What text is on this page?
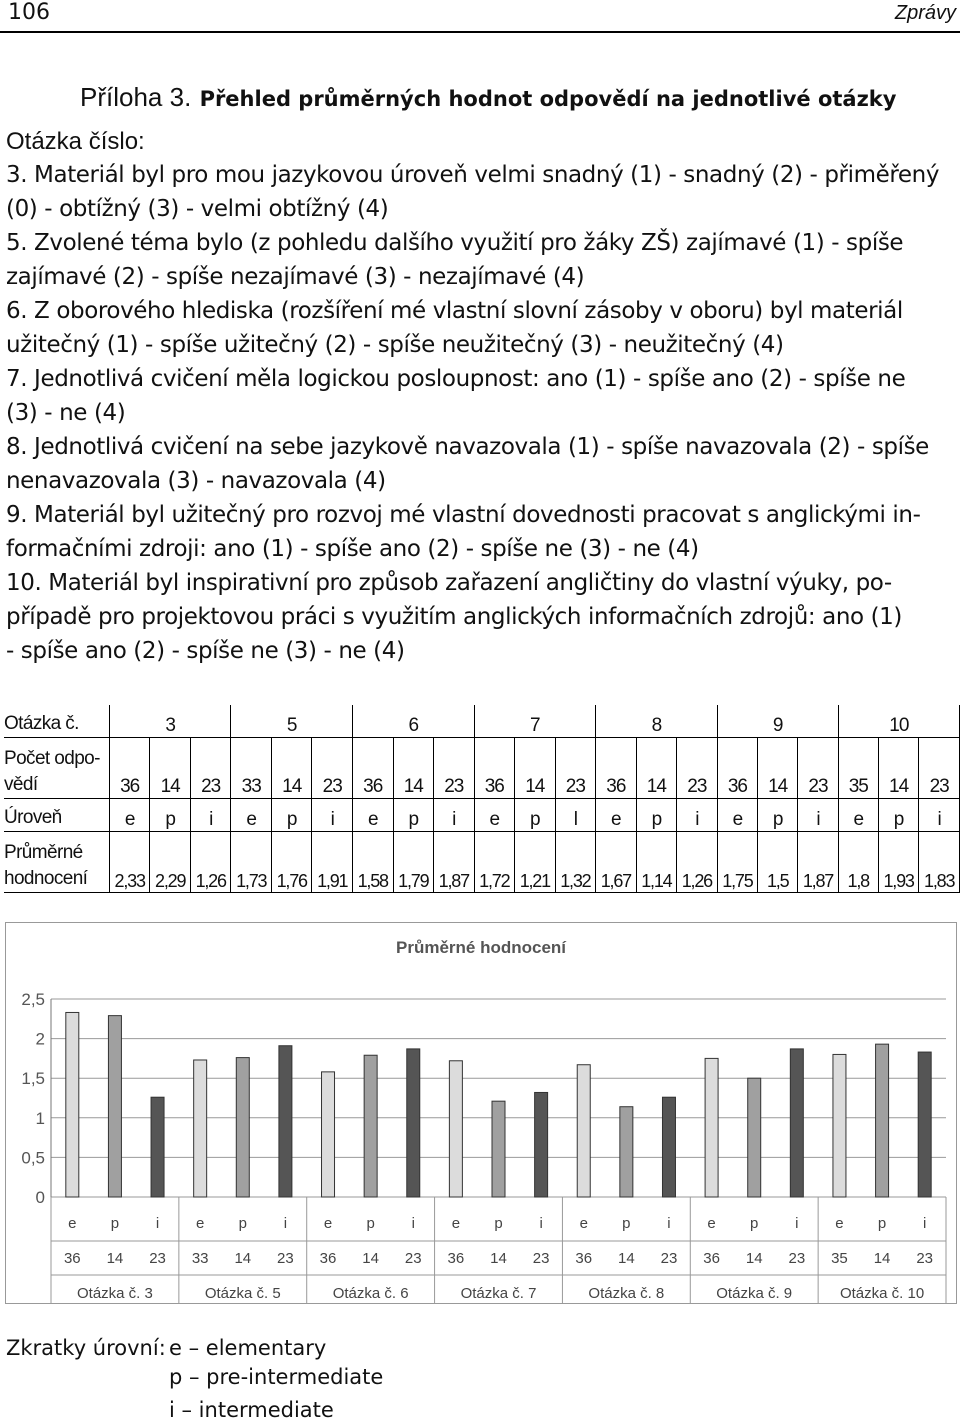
106	Zprávy
Příloha 3. Přehled průměrných hodnot odpovědí na jednotlivé otázky
Otázka číslo:
3. Materiál byl pro mou jazykovou úroveň velmi snadný (1) - snadný (2) - přiměřený
(0) - obtížný (3) - velmi obtížný (4)
5. Zvolené téma bylo (z pohledu dalšího využití pro žáky ZŠ) zajímavé (1) - spíše
zajímavé (2) - spíše nezajímavé (3) - nezajímavé (4)
6. Z oborového hlediska (rozšíření mé vlastní slovní zásoby v oboru) byl materiál
užitečný (1) - spíše užitečný (2) - spíše neužitečný (3) - neužitečný (4)
7. Jednotlivá cvičení měla logickou posloupnost: ano (1) - spíše ano (2) - spíše ne
(3) - ne (4)
8. Jednotlivá cvičení na sebe jazykově navazovala (1) - spíše navazovala (2) - spíše
nenavazovala (3) - navazovala (4)
9. Materiál byl užitečný pro rozvoj mé vlastní dovednosti pracovat s anglickými in-
formačními zdroji: ano (1) - spíše ano (2) - spíše ne (3) - ne (4)
10. Materiál byl inspirativní pro způsob zařazení angličtiny do vlastní výuky, po-
případě pro projektovou práci s využitím anglických informačních zdrojů: ano (1)
- spíše ano (2) - spíše ne (3) - ne (4)
Otázka č.	3			5			6			7			8			9			10		
Počet odpo-
vědí	36	14	23	33	14	23	36	14	23	36	14	23	36	14	23	36	14	23	35	14	23
Úroveň	e	p	i	e	p	i	e	p	i	e	p	l	e	p	i	e	p	i	e	p	i
Průměrné
hodnocení	2,33	2,29	1,26	1,73	1,76	1,91	1,58	1,79	1,87	1,72	1,21	1,32	1,67	1,14	1,26	1,75	1,5	1,87	1,8	1,93	1,83
Průměrné hodnocení
0
0,5
1
1,5
2
2,5
e
36
p
14
i
23
e
33
p
14
i
23
e
36
p
14
i
23
e
36
p
14
i
23
e
36
p
14
i
23
e
36
p
14
i
23
e
35
p
14
i
23
Otázka č. 3	Otázka č. 5	Otázka č. 6	Otázka č. 7	Otázka č. 8	Otázka č. 9	Otázka č. 10
Zkratky úrovní: e – elementary
p – pre-intermediate
i – intermediate
